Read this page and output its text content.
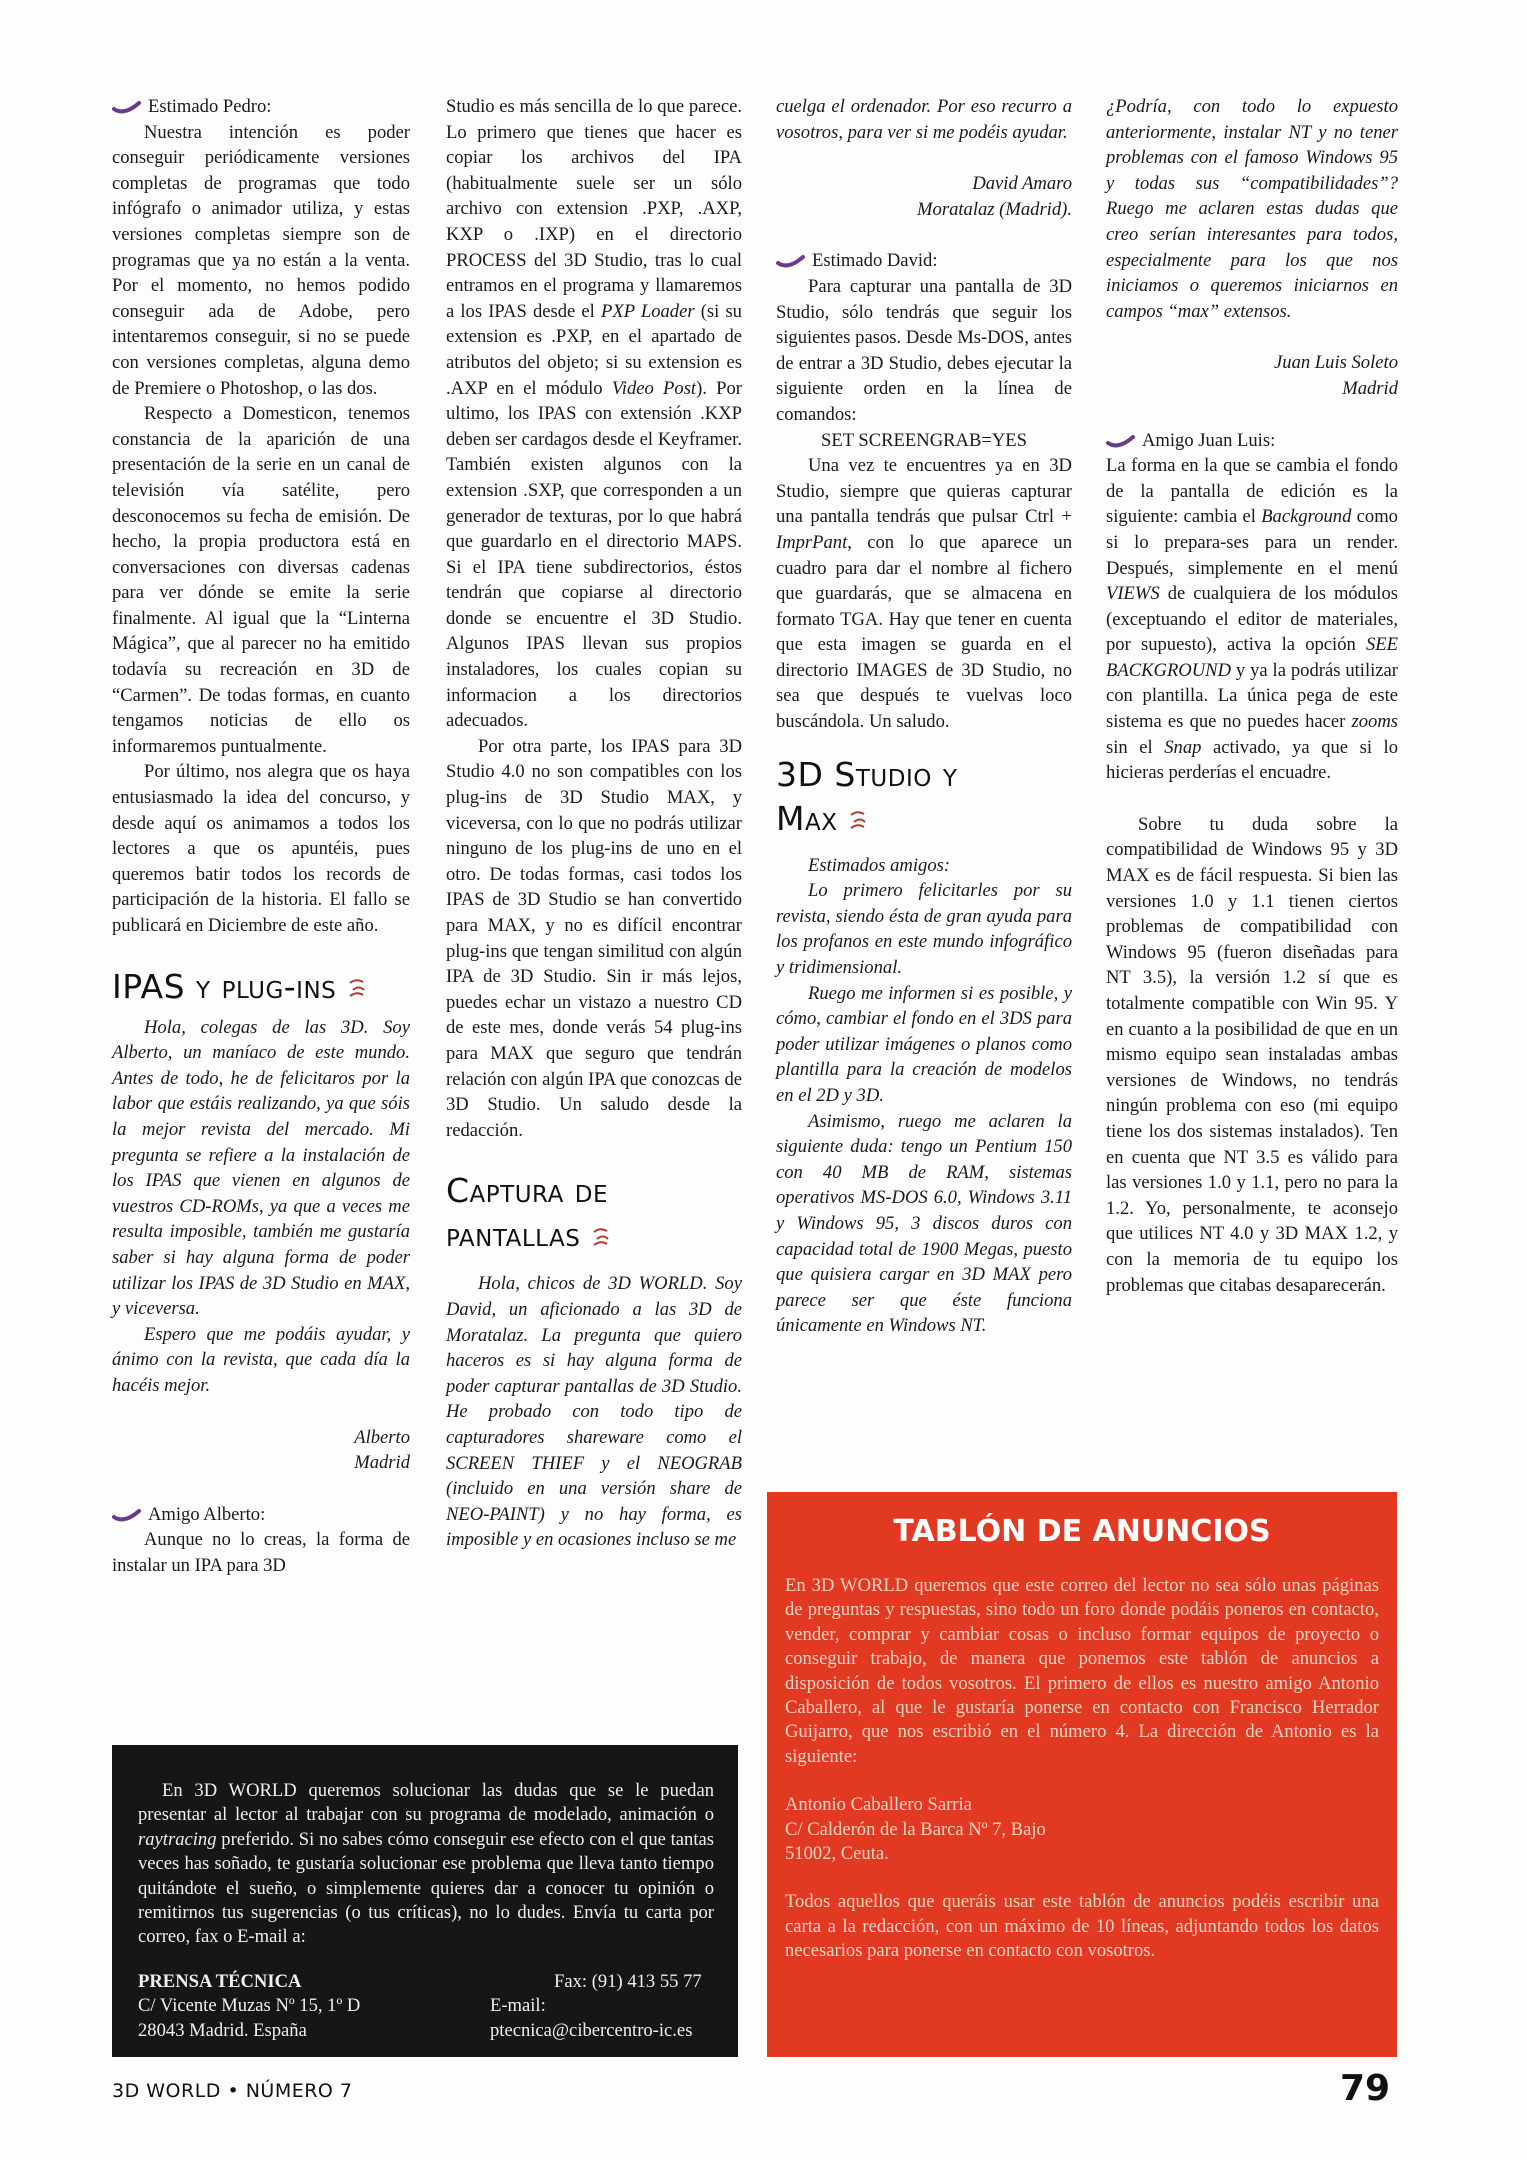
Estimado Pedro:

Nuestra intención es poder conseguir periódicamente versiones completas de programas que todo infógrafo o animador utiliza, y estas versiones completas siempre son de programas que ya no están a la venta. Por el momento, no hemos podido conseguir ada de Adobe, pero intentaremos conseguir, si no se puede con versiones completas, alguna demo de Premiere o Photoshop, o las dos.

Respecto a Domesticon, tenemos constancia de la aparición de una presentación de la serie en un canal de televisión vía satélite, pero desconocemos su fecha de emisión. De hecho, la propia productora está en conversaciones con diversas cadenas para ver dónde se emite la serie finalmente. Al igual que la “Linterna Mágica”, que al parecer no ha emitido todavía su recreación en 3D de “Carmen”. De todas formas, en cuanto tengamos noticias de ello os informaremos puntualmente.

Por último, nos alegra que os haya entusiasmado la idea del concurso, y desde aquí os animamos a todos los lectores a que os apuntéis, pues queremos batir todos los records de participación de la historia. El fallo se publicará en Diciembre de este año.

IPAS y plug-ins

Hola, colegas de las 3D. Soy Alberto, un maníaco de este mundo. Antes de todo, he de felicitaros por la labor que estáis realizando, ya que sóis la mejor revista del mercado. Mi pregunta se refiere a la instalación de los IPAS que vienen en algunos de vuestros CD-ROMs, ya que a veces me resulta imposible, también me gustaría saber si hay alguna forma de poder utilizar los IPAS de 3D Studio en MAX, y viceversa.

Espero que me podáis ayudar, y ánimo con la revista, que cada día la hacéis mejor.

Alberto
Madrid

Amigo Alberto:

Aunque no lo creas, la forma de instalar un IPA para 3D

Studio es más sencilla de lo que parece. Lo primero que tienes que hacer es copiar los archivos del IPA (habitualmente suele ser un sólo archivo con extension .PXP, .AXP, KXP o .IXP) en el directorio PROCESS del 3D Studio, tras lo cual entramos en el programa y llamaremos a los IPAS desde el PXP Loader (si su extension es .PXP, en el apartado de atributos del objeto; si su extension es .AXP en el módulo Video Post). Por ultimo, los IPAS con extensión .KXP deben ser cardagos desde el Keyframer. También existen algunos con la extension .SXP, que corresponden a un generador de texturas, por lo que habrá que guardarlo en el directorio MAPS. Si el IPA tiene subdirectorios, éstos tendrán que copiarse al directorio donde se encuentre el 3D Studio. Algunos IPAS llevan sus propios instaladores, los cuales copian su informacion a los directorios adecuados.

Por otra parte, los IPAS para 3D Studio 4.0 no son compatibles con los plug-ins de 3D Studio MAX, y viceversa, con lo que no podrás utilizar ninguno de los plug-ins de uno en el otro. De todas formas, casi todos los IPAS de 3D Studio se han convertido para MAX, y no es difícil encontrar plug-ins que tengan similitud con algún IPA de 3D Studio. Sin ir más lejos, puedes echar un vistazo a nuestro CD de este mes, donde verás 54 plug-ins para MAX que seguro que tendrán relación con algún IPA que conozcas de 3D Studio. Un saludo desde la redacción.

Captura de
pantallas

Hola, chicos de 3D WORLD. Soy David, un aficionado a las 3D de Moratalaz. La pregunta que quiero haceros es si hay alguna forma de poder capturar pantallas de 3D Studio. He probado con todo tipo de capturadores shareware como el SCREEN THIEF y el NEOGRAB (incluido en una versión share de NEO-PAINT) y no hay forma, es imposible y en ocasiones incluso se me

cuelga el ordenador. Por eso recurro a vosotros, para ver si me podéis ayudar.

David Amaro
Moratalaz (Madrid).

Estimado David:

Para capturar una pantalla de 3D Studio, sólo tendrás que seguir los siguientes pasos. Desde Ms-DOS, antes de entrar a 3D Studio, debes ejecutar la siguiente orden en la línea de comandos:

SET SCREENGRAB=YES

Una vez te encuentres ya en 3D Studio, siempre que quieras capturar una pantalla tendrás que pulsar Ctrl + ImprPant, con lo que aparece un cuadro para dar el nombre al fichero que guardarás, que se almacena en formato TGA. Hay que tener en cuenta que esta imagen se guarda en el directorio IMAGES de 3D Studio, no sea que después te vuelvas loco buscándola. Un saludo.

3D Studio y
Max

Estimados amigos:

Lo primero felicitarles por su revista, siendo ésta de gran ayuda para los profanos en este mundo infográfico y tridimensional.

Ruego me informen si es posible, y cómo, cambiar el fondo en el 3DS para poder utilizar imágenes o planos como plantilla para la creación de modelos en el 2D y 3D.

Asimismo, ruego me aclaren la siguiente duda: tengo un Pentium 150 con 40 MB de RAM, sistemas operativos MS-DOS 6.0, Windows 3.11 y Windows 95, 3 discos duros con capacidad total de 1900 Megas, puesto que quisiera cargar en 3D MAX pero parece ser que éste funciona únicamente en Windows NT.

¿Podría, con todo lo expuesto anteriormente, instalar NT y no tener problemas con el famoso Windows 95 y todas sus “compatibilidades”? Ruego me aclaren estas dudas que creo serían interesantes para todos, especialmente para los que nos iniciamos o queremos iniciarnos en campos “max” extensos.

Juan Luis Soleto
Madrid

Amigo Juan Luis:

La forma en la que se cambia el fondo de la pantalla de edición es la siguiente: cambia el Background como si lo prepara-ses para un render. Después, simplemente en el menú VIEWS de cualquiera de los módulos (exceptuando el editor de materiales, por supuesto), activa la opción SEE BACKGROUND y ya la podrás utilizar con plantilla. La única pega de este sistema es que no puedes hacer zooms sin el Snap activado, ya que si lo hicieras perderías el encuadre.

Sobre tu duda sobre la compatibilidad de Windows 95 y 3D MAX es de fácil respuesta. Si bien las versiones 1.0 y 1.1 tienen ciertos problemas de compatibilidad con Windows 95 (fueron diseñadas para NT 3.5), la versión 1.2 sí que es totalmente compatible con Win 95. Y en cuanto a la posibilidad de que en un mismo equipo sean instaladas ambas versiones de Windows, no tendrás ningún problema con eso (mi equipo tiene los dos sistemas instalados). Ten en cuenta que NT 3.5 es válido para las versiones 1.0 y 1.1, pero no para la 1.2. Yo, personalmente, te aconsejo que utilices NT 4.0 y 3D MAX 1.2, y con la memoria de tu equipo los problemas que citabas desaparecerán.

En 3D WORLD queremos solucionar las dudas que se le puedan presentar al lector al trabajar con su programa de modelado, animación o raytracing preferido. Si no sabes cómo conseguir ese efecto con el que tantas veces has soñado, te gustaría solucionar ese problema que lleva tanto tiempo quitándote el sueño, o simplemente quieres dar a conocer tu opinión o remitirnos tus sugerencias (o tus críticas), no lo dudes. Envía tu carta por correo, fax o E-mail a:

PRENSA TÉCNICA
C/ Vicente Muzas Nº 15, 1º D
28043 Madrid. España
Fax: (91) 413 55 77
E-mail: ptecnica@cibercentro-ic.es
TABLÓN DE ANUNCIOS

En 3D WORLD queremos que este correo del lector no sea sólo unas páginas de preguntas y respuestas, sino todo un foro donde podáis poneros en contacto, vender, comprar y cambiar cosas o incluso formar equipos de proyecto o conseguir trabajo, de manera que ponemos este tablón de anuncios a disposición de todos vosotros. El primero de ellos es nuestro amigo Antonio Caballero, al que le gustaría ponerse en contacto con Francisco Herrador Guijarro, que nos escribió en el número 4. La dirección de Antonio es la siguiente:

Antonio Caballero Sarria

C/ Calderón de la Barca Nº 7, Bajo

51002, Ceuta.

Todos aquellos que queráis usar este tablón de anuncios podéis escribir una carta a la redacción, con un máximo de 10 líneas, adjuntando todos los datos necesarios para ponerse en contacto con vosotros.

3D WORLD • NÚMERO 7	79
